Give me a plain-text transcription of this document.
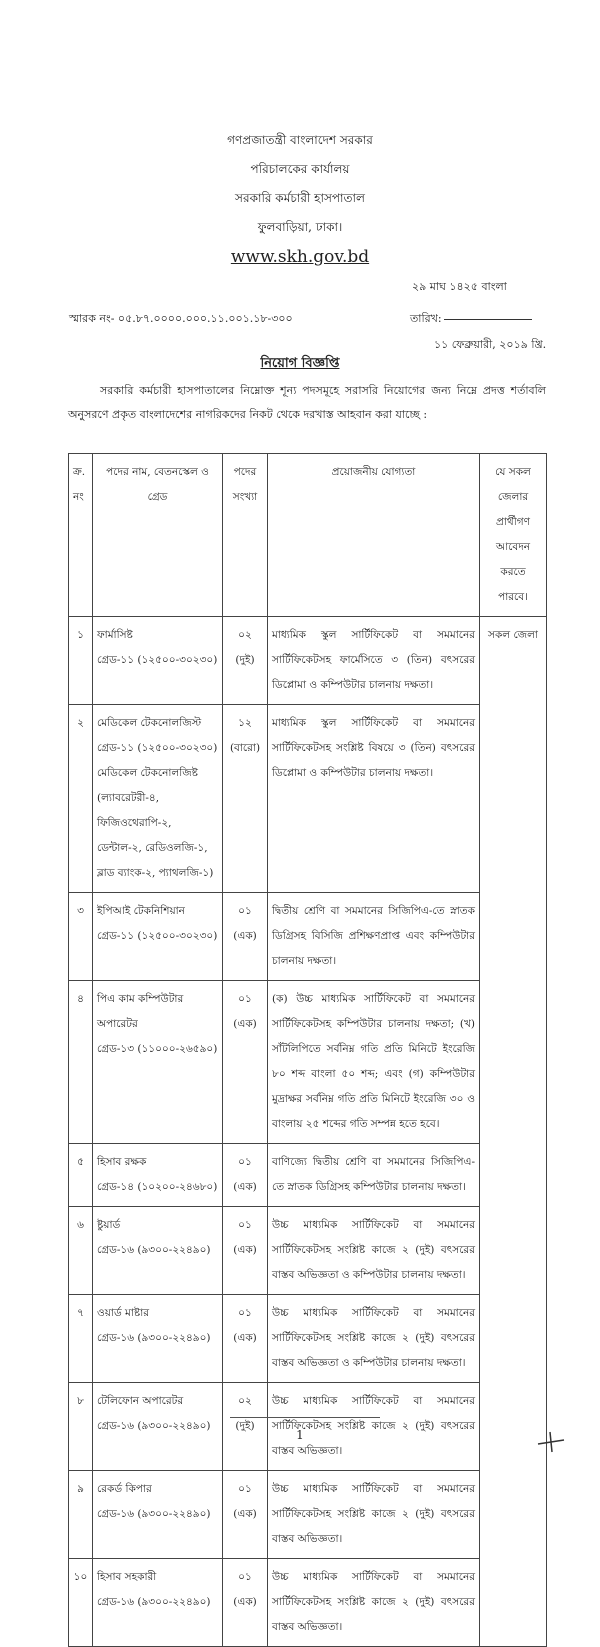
গণপ্রজাতন্ত্রী বাংলাদেশ সরকার
পরিচালকের কার্যালয়
সরকারি কর্মচারী হাসপাতাল
ফুলবাড়িয়া, ঢাকা।
www.skh.gov.bd
২৯ মাঘ ১৪২৫ বাংলা
স্মারক নং- ০৫.৮৭.০০০০.০০০.১১.০০১.১৮-৩০০	তারিখ:
১১ ফেব্রুয়ারী, ২০১৯ খ্রি.
নিয়োগ বিজ্ঞপ্তি
সরকারি কর্মচারী হাসপাতালের নিম্নোক্ত শূন্য পদসমূহে সরাসরি নিয়োগের জন্য নিম্নে প্রদত্ত শর্তাবলি অনুসরণে প্রকৃত বাংলাদেশের নাগরিকদের নিকট থেকে দরখাস্ত আহবান করা যাচ্ছে :
ক্র. নং	পদের নাম, বেতনস্কেল ও গ্রেড	পদের সংখ্যা	প্রয়োজনীয় যোগ্যতা	যে সকল জেলার প্রার্থীগণ আবেদন করতে পারবে।
১	ফার্মাসিষ্ট
গ্রেড-১১ (১২৫০০-৩০২৩০)	০২ (দুই)	মাধ্যমিক স্কুল সার্টিফিকেট বা সমমানের সার্টিফিকেটসহ ফার্মেসিতে ৩ (তিন) বৎসরের ডিপ্লোমা ও কম্পিউটার চালনায় দক্ষতা।	সকল জেলা
২	মেডিকেল টেকনোলজিস্ট
গ্রেড-১১ (১২৫০০-৩০২৩০)
মেডিকেল টেকনোলজিষ্ট (ল্যাবরেটরী-৪, ফিজিওথেরাপি-২, ডেন্টাল-২, রেডিওলজি-১, ব্লাড ব্যাংক-২, প্যাথলজি-১)	১২ (বারো)	মাধ্যমিক স্কুল সার্টিফিকেট বা সমমানের সার্টিফিকেটসহ সংশ্লিষ্ট বিষয়ে ৩ (তিন) বৎসরের ডিপ্লোমা ও কম্পিউটার চালনায় দক্ষতা।	
৩	ইপিআই টেকনিশিয়ান
গ্রেড-১১ (১২৫০০-৩০২৩০)	০১ (এক)	দ্বিতীয় শ্রেণি বা সমমানের সিজিপিএ-তে স্নাতক ডিগ্রিসহ বিসিজি প্রশিক্ষণপ্রাপ্ত এবং কম্পিউটার চালনায় দক্ষতা।	
৪	পিএ কাম কম্পিউটার অপারেটর
গ্রেড-১৩ (১১০০০-২৬৫৯০)	০১ (এক)	(ক) উচ্চ মাধ্যমিক সার্টিফিকেট বা সমমানের সার্টিফিকেটসহ কম্পিউটার চালনায় দক্ষতা; (খ) সাঁটলিপিতে সর্বনিম্ন গতি প্রতি মিনিটে ইংরেজি ৮০ শব্দ বাংলা ৫০ শব্দ; এবং (গ) কম্পিউটার মুদ্রাক্ষর সর্বনিম্ন গতি প্রতি মিনিটে ইংরেজি ৩০ ও বাংলায় ২৫ শব্দের গতি সম্পন্ন হতে হবে।	
৫	হিসাব রক্ষক
গ্রেড-১৪ (১০২০০-২৪৬৮০)	০১ (এক)	বাণিজ্যে দ্বিতীয় শ্রেণি বা সমমানের সিজিপিএ- তে স্নাতক ডিগ্রিসহ কম্পিউটার চালনায় দক্ষতা।	
৬	ষ্টুয়ার্ড
গ্রেড-১৬ (৯৩০০-২২৪৯০)	০১ (এক)	উচ্চ মাধ্যমিক সার্টিফিকেট বা সমমানের সার্টিফিকেটসহ সংশ্লিষ্ট কাজে ২ (দুই) বৎসরের বাস্তব অভিজ্ঞতা ও কম্পিউটার চালনায় দক্ষতা।	
৭	ওয়ার্ড মাষ্টার
গ্রেড-১৬ (৯৩০০-২২৪৯০)	০১ (এক)	উচ্চ মাধ্যমিক সার্টিফিকেট বা সমমানের সার্টিফিকেটসহ সংশ্লিষ্ট কাজে ২ (দুই) বৎসরের বাস্তব অভিজ্ঞতা ও কম্পিউটার চালনায় দক্ষতা।	
৮	টেলিফোন অপারেটর
গ্রেড-১৬ (৯৩০০-২২৪৯০)	০২ (দুই)	উচ্চ মাধ্যমিক সার্টিফিকেট বা সমমানের সার্টিফিকেটসহ সংশ্লিষ্ট কাজে ২ (দুই) বৎসরের বাস্তব অভিজ্ঞতা।	
৯	রেকর্ড কিপার
গ্রেড-১৬ (৯৩০০-২২৪৯০)	০১ (এক)	উচ্চ মাধ্যমিক সার্টিফিকেট বা সমমানের সার্টিফিকেটসহ সংশ্লিষ্ট কাজে ২ (দুই) বৎসরের বাস্তব অভিজ্ঞতা।	
১০	হিসাব সহকারী
গ্রেড-১৬ (৯৩০০-২২৪৯০)	০১ (এক)	উচ্চ মাধ্যমিক সার্টিফিকেট বা সমমানের সার্টিফিকেটসহ সংশ্লিষ্ট কাজে ২ (দুই) বৎসরের বাস্তব অভিজ্ঞতা।	
1
